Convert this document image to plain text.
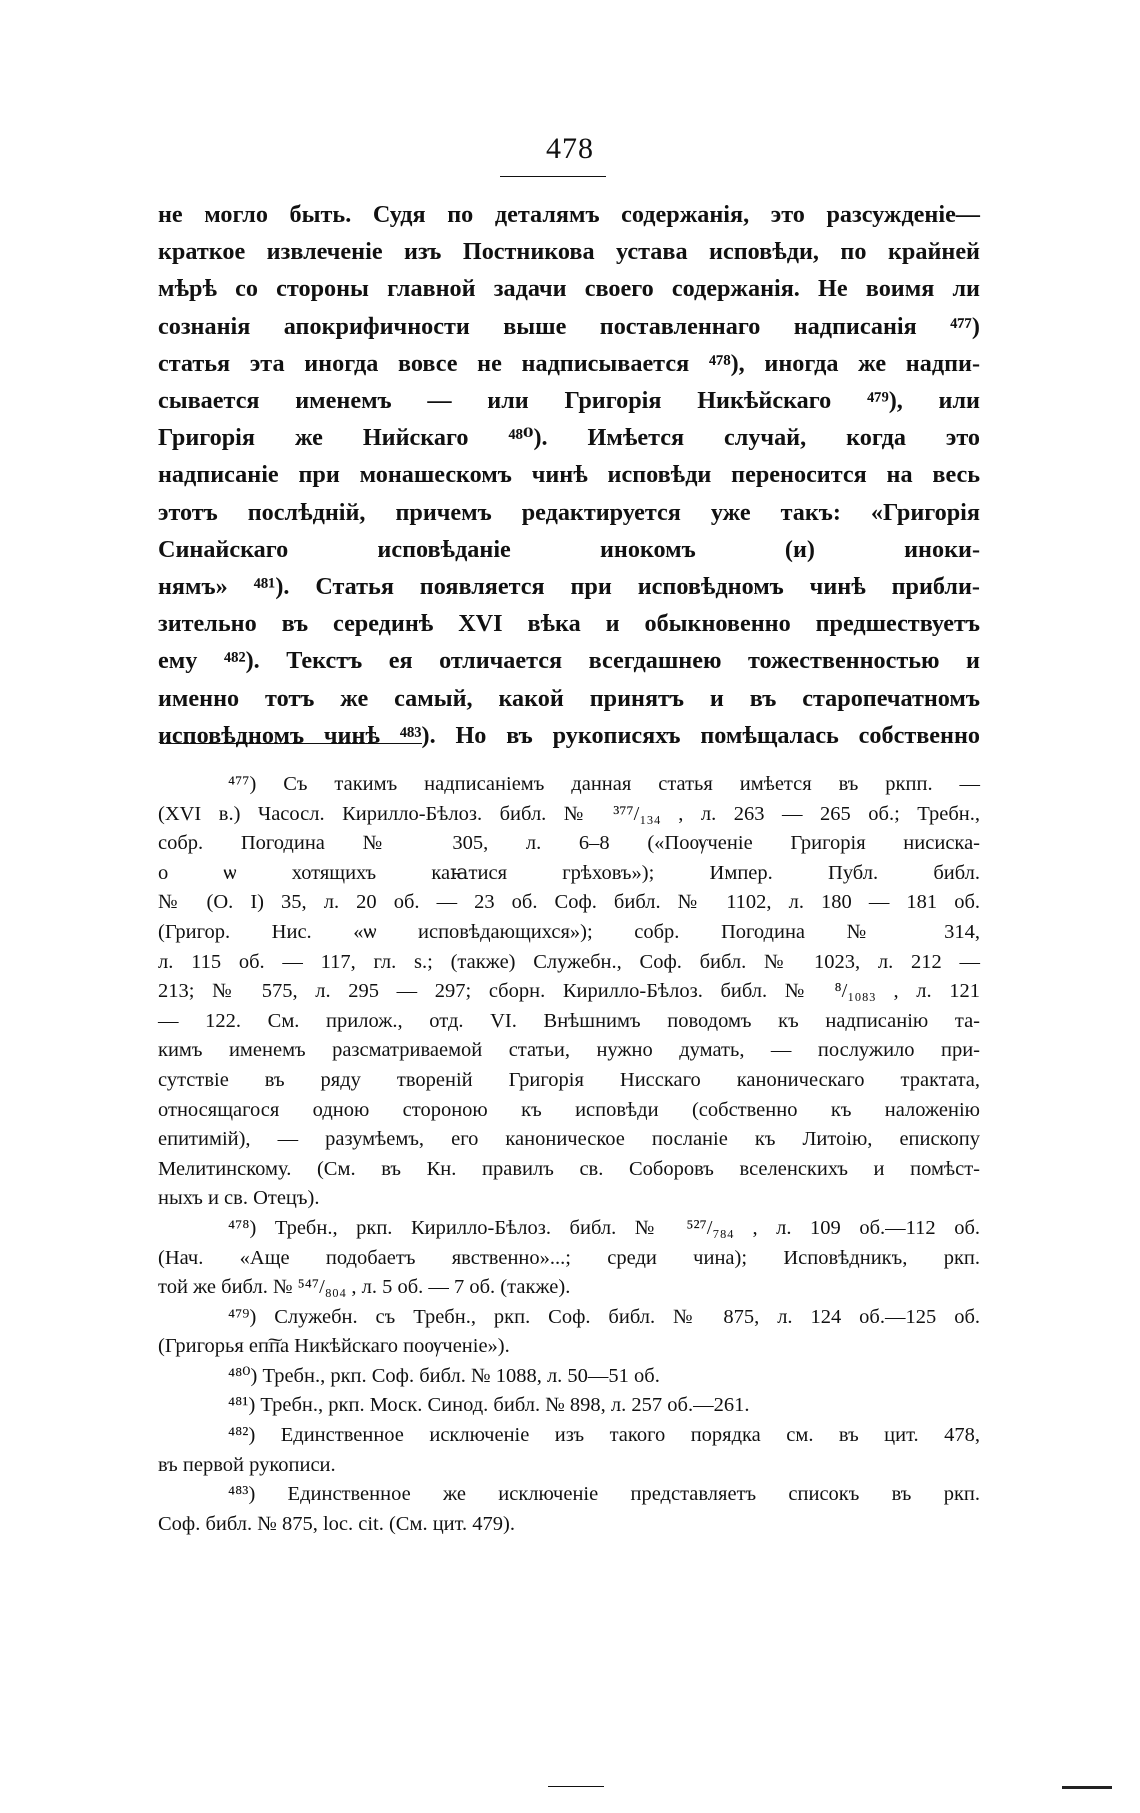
478
не могло быть. Судя по деталямъ содержанія, это разсужденіе—
краткое извлеченіе изъ Постникова устава исповѣди, по крайней
мѣрѣ со стороны главной задачи своего содержанія. Не воимя ли
сознанія апокрифичности выше поставленнаго надписанія ⁴⁷⁷)
статья эта иногда вовсе не надписывается ⁴⁷⁸), иногда же надпи-
сывается именемъ — или Григорія Никѣйскаго ⁴⁷⁹), или
Григорія же Нийскаго ⁴⁸⁰). Имѣется случай, когда это
надписаніе при монашескомъ чинѣ исповѣди переносится на весь
этотъ послѣдній, причемъ редактируется уже такъ: «Григорія
Синайскаго исповѣданіе инокомъ (и) иноки-
нямъ» ⁴⁸¹). Статья появляется при исповѣдномъ чинѣ прибли-
зительно въ серединѣ XVI вѣка и обыкновенно предшествуетъ
ему ⁴⁸²). Текстъ ея отличается всегдашнею тожественностью и
именно тотъ же самый, какой принятъ и въ старопечатномъ
исповѣдномъ чинѣ ⁴⁸³). Но въ рукописяхъ помѣщалась собственно
⁴⁷⁷) Съ такимъ надписаніемъ данная статья имѣется въ ркпп. —
(XVI в.) Часосл. Кирилло-Бѣлоз. библ. № ³⁷⁷/₁₃₄ , л. 263 — 265 об.; Требн.,
собр. Погодина № 305, л. 6–8 («Поѹченіе Григорія нисиска-
о ѡ хотящихъ каꙗтися грѣховъ»); Импер. Публ. библ.
№ (О. I) 35, л. 20 об. — 23 об. Соф. библ. № 1102, л. 180 — 181 об.
(Григор. Нис. «ѡ исповѣдающихся»); собр. Погодина № 314,
л. 115 об. — 117, гл. ѕ.; (также) Служебн., Соф. библ. № 1023, л. 212 —
213; № 575, л. 295 — 297; сборн. Кирилло-Бѣлоз. библ. № ⁸/₁₀₈₃ , л. 121
— 122. См. прилож., отд. VI. Внѣшнимъ поводомъ къ надписанію та-
кимъ именемъ разсматриваемой статьи, нужно думать, — послужило при-
сутствіе въ ряду твореній Григорія Нисскаго каноническаго трактата,
относящагося одною стороною къ исповѣди (собственно къ наложенію
епитимій), — разумѣемъ, его каноническое посланіе къ Литоію, епископу
Мелитинскому. (См. въ Кн. правилъ св. Соборовъ вселенскихъ и помѣст-
ныхъ и св. Отецъ).
⁴⁷⁸) Требн., ркп. Кирилло-Бѣлоз. библ. № ⁵²⁷/₇₈₄ , л. 109 об.—112 об.
(Нач. «Аще подобаетъ явственно»...; среди чина); Исповѣдникъ, ркп.
той же библ. № ⁵⁴⁷/₈₀₄ , л. 5 об. — 7 об. (также).
⁴⁷⁹) Служебн. съ Требн., ркп. Соф. библ. № 875, л. 124 об.—125 об.
(Григорья еп͠па Никѣйскаго поѹченіе»).
⁴⁸⁰) Требн., ркп. Соф. библ. № 1088, л. 50—51 об.
⁴⁸¹) Требн., ркп. Моск. Синод. библ. № 898, л. 257 об.—261.
⁴⁸²) Единственное исключеніе изъ такого порядка см. въ цит. 478,
въ первой рукописи.
⁴⁸³) Единственное же исключеніе представляетъ списокъ въ ркп.
Соф. библ. № 875, loc. cit. (См. цит. 479).
